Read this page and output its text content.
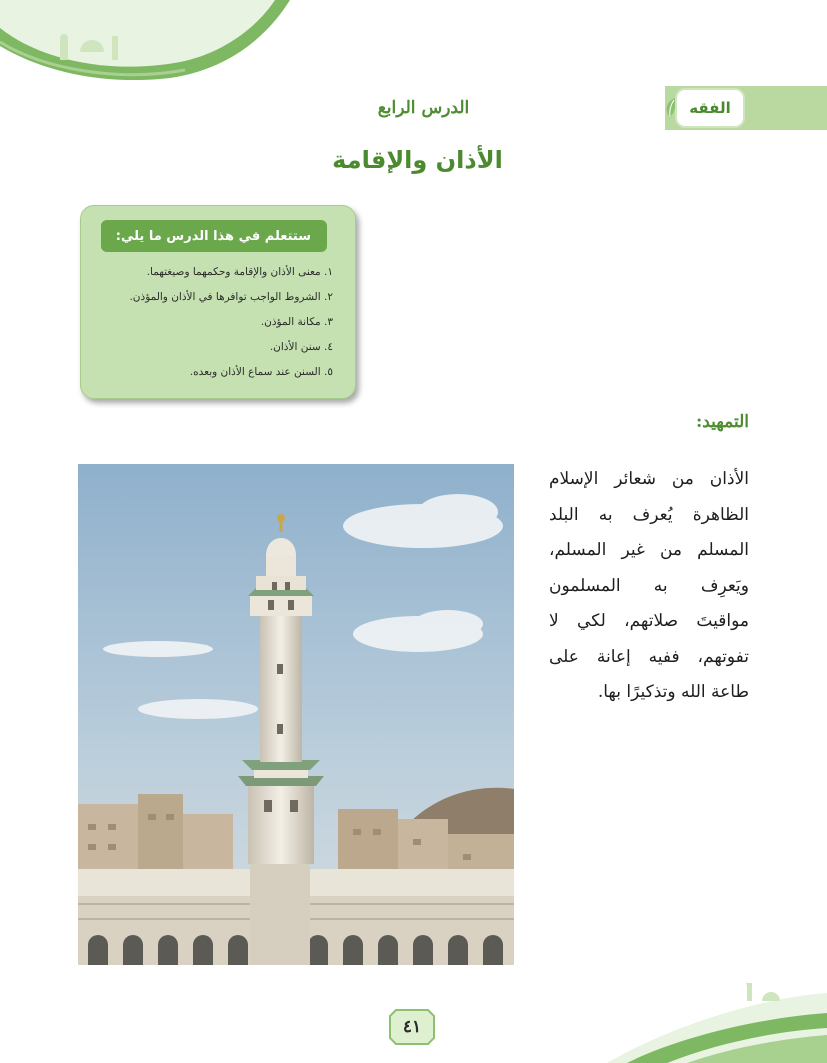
الفقه
الدرس الرابع
الأذان والإقامة
ستتعلم في هذا الدرس ما يلي:
١. معنى الأذان والإقامة وحكمهما وصيغتهما.
٢. الشروط الواجب توافرها في الأذان والمؤذن.
٣. مكانة المؤذن.
٤. سنن الأذان.
٥. السنن عند سماع الأذان وبعده.
التمهيد:
الأذان من شعائر الإسلام
الظاهرة يُعرف به البلد
المسلم من غير المسلم،
ويَعرِف به المسلمون
مواقيتَ صلاتهم، لكي لا
تفوتهم، ففيه إعانة على
طاعة الله وتذكيرًا بها.
٤١
